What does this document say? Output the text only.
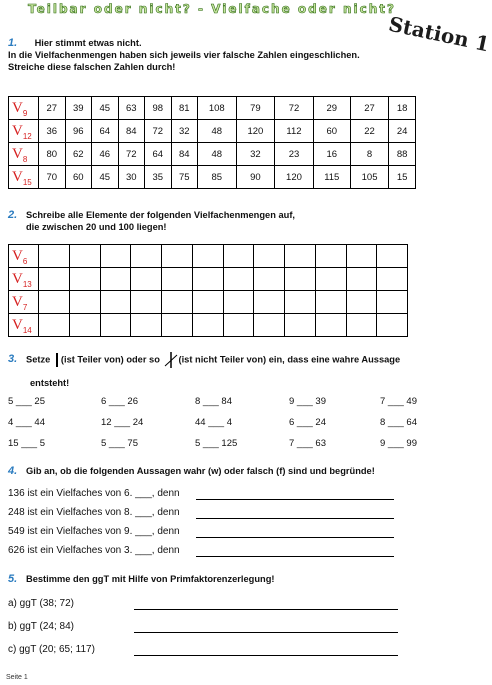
Teilbar oder nicht? - Vielfache oder nicht?
Station 1
1. Hier stimmt etwas nicht.
In die Vielfachenmengen haben sich jeweils vier falsche Zahlen eingeschlichen.
Streiche diese falschen Zahlen durch!
$V_9$	27	39	45	63	98	81	108	79	72	29	27	18
$V_{12}$	36	96	64	84	72	32	48	120	112	60	22	24
$V_8$	80	62	46	72	64	84	48	32	23	16	8	88
$V_{15}$	70	60	45	30	35	75	85	90	120	115	105	15
2. Schreibe alle Elemente der folgenden Vielfachenmengen auf,
die zwischen 20 und 100 liegen!
$V_6$												
$V_{13}$												
$V_7$												
$V_{14}$												
3. Setze (ist Teiler von) oder so (ist nicht Teiler von) ein, dass eine wahre Aussage
entsteht!
5 ___ 25	6 ___ 26	8 ___ 84	9 ___ 39	7 ___ 49
4 ___ 44	12 ___ 24	44 ___ 4	6 ___ 24	8 ___ 64
15 ___ 5	5 ___ 75	5 ___ 125	7 ___ 63	9 ___ 99
4. Gib an, ob die folgenden Aussagen wahr (w) oder falsch (f) sind und begründe!
136 ist ein Vielfaches von 6. ___, denn
248 ist ein Vielfaches von 8. ___, denn
549 ist ein Vielfaches von 9. ___, denn
626 ist ein Vielfaches von 3. ___, denn
5. Bestimme den ggT mit Hilfe von Primfaktorenzerlegung!
a) ggT (38; 72)
b) ggT (24; 84)
c) ggT (20; 65; 117)
Seite 1
